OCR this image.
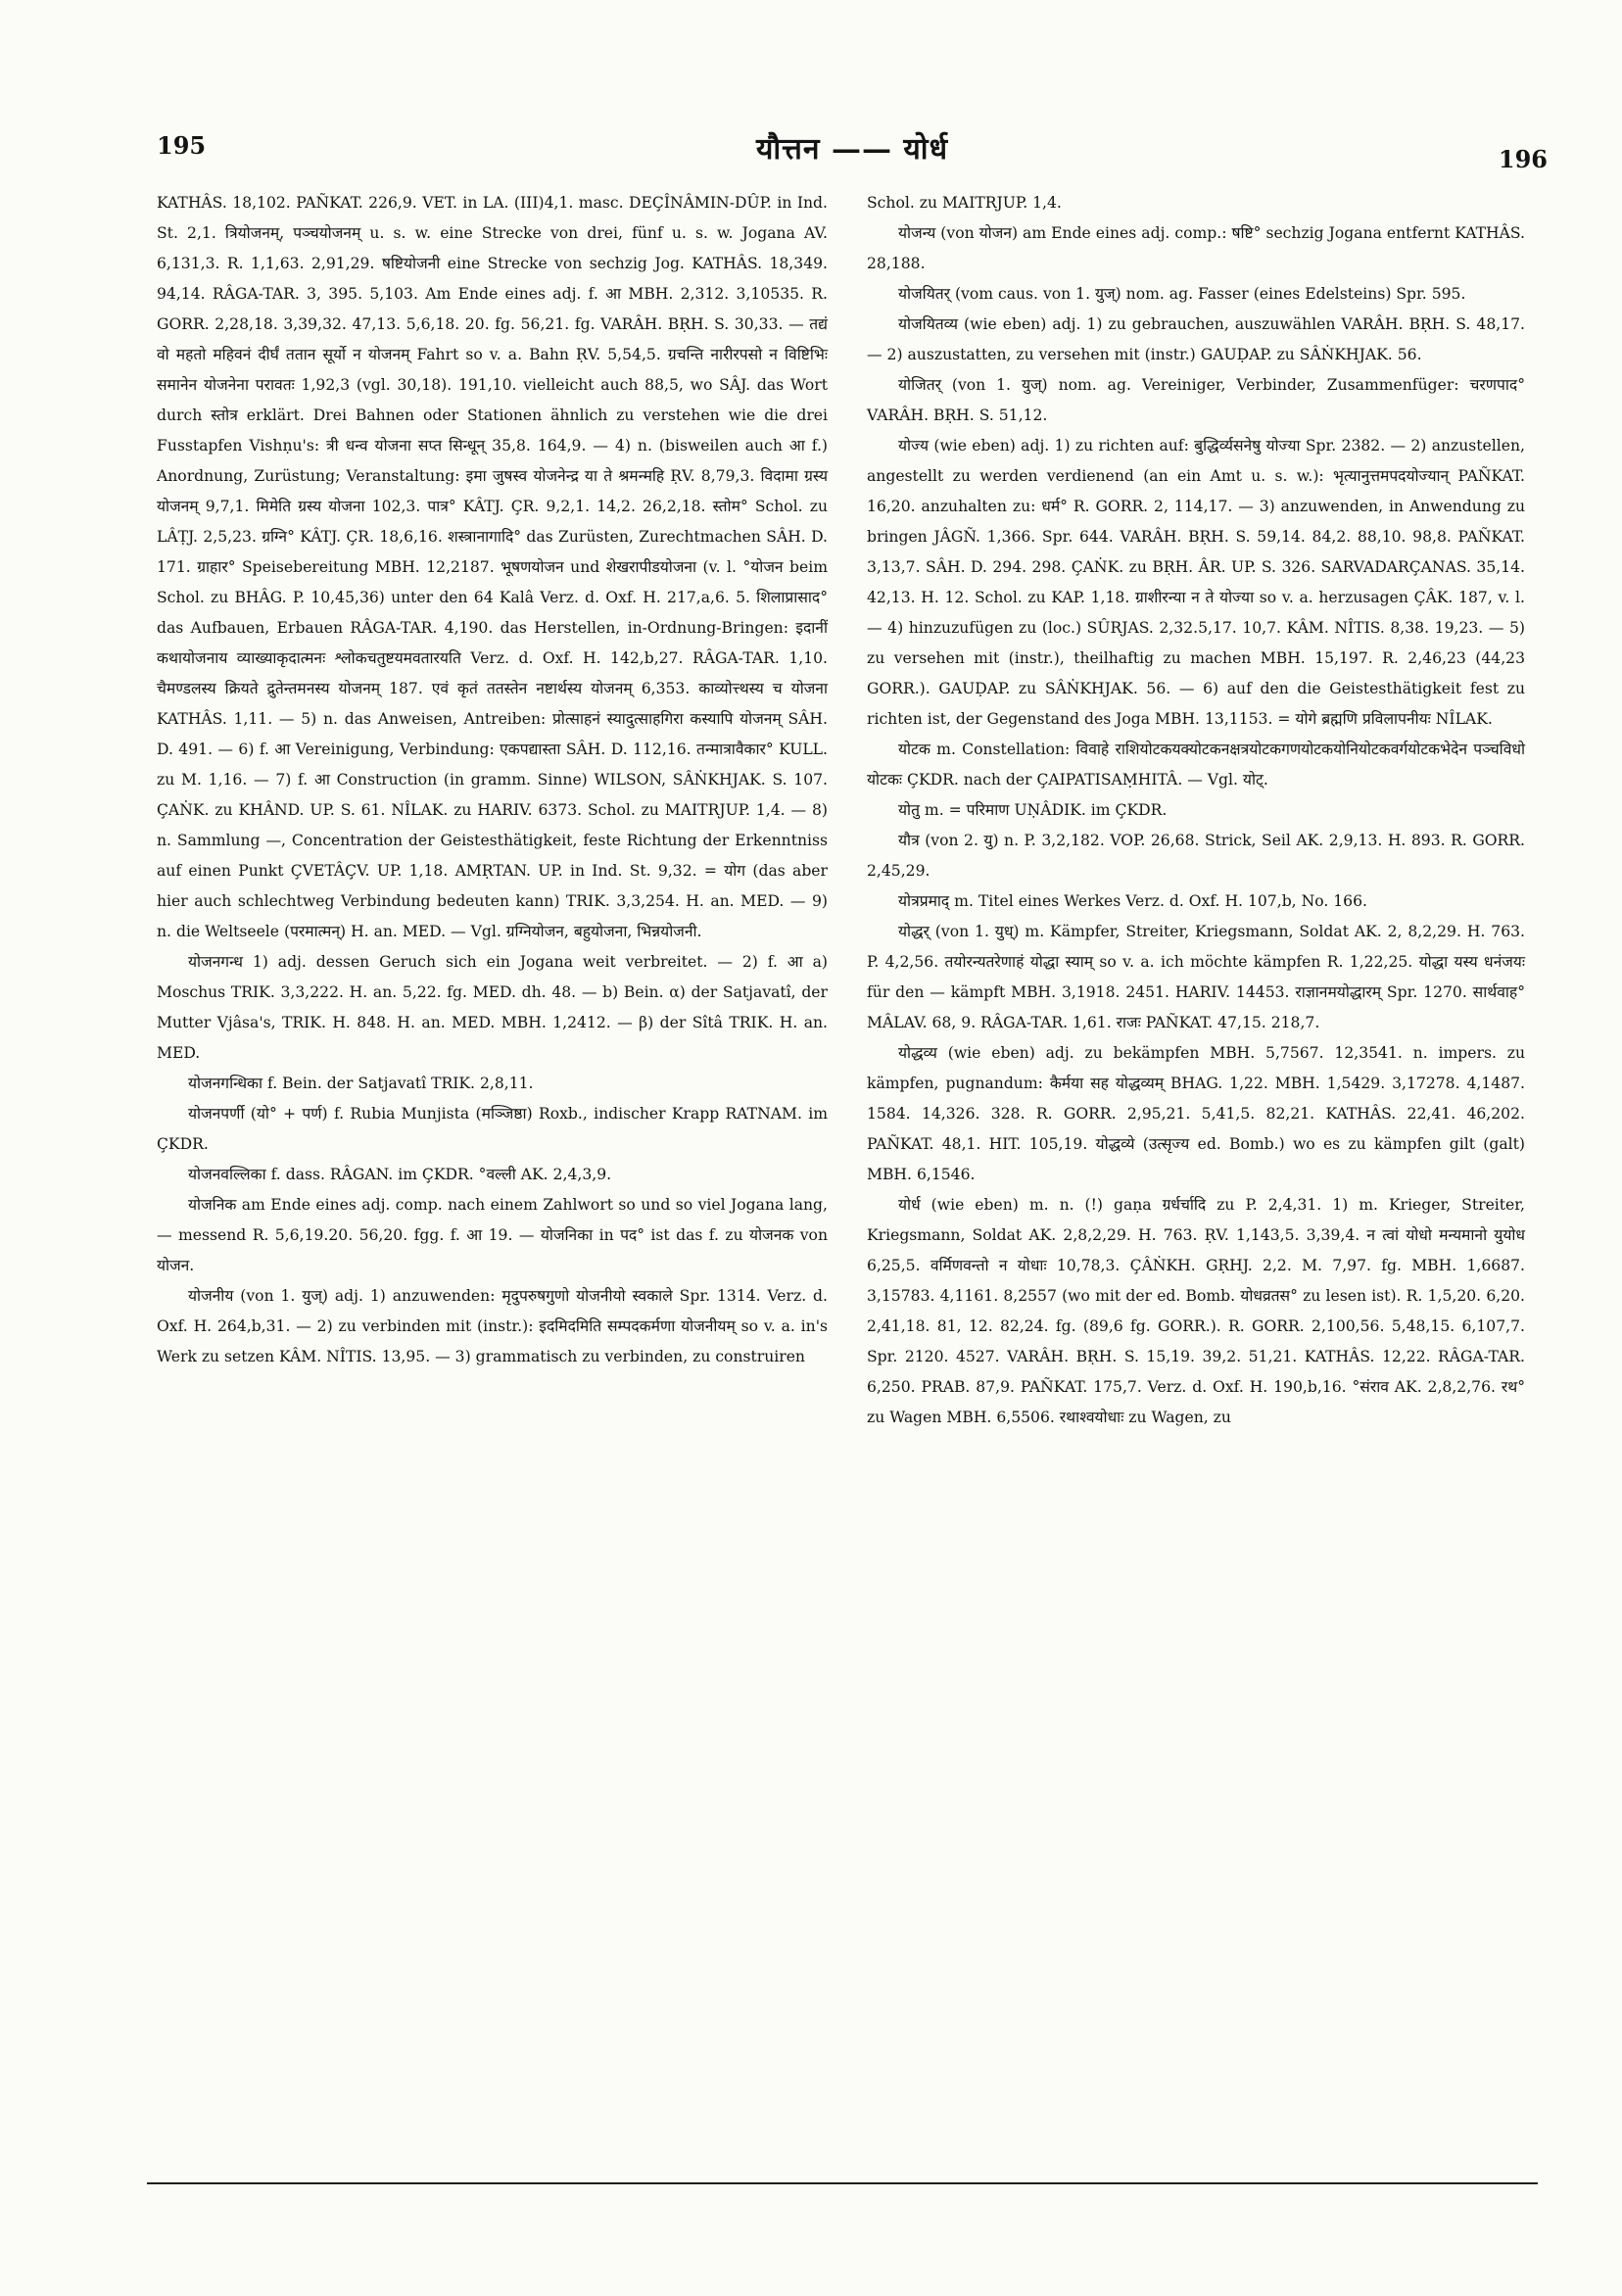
195	यौत्तन —— योर्ध	196

KATHÂS. 18,102. PAÑKAT. 226,9. VET. in LA. (III)4,1. masc. DEÇÎNÂMIN-DÛP. in Ind. St. 2,1. त्रियोजनम्, पञ्चयोजनम् u. s. w. eine Strecke von drei, fünf u. s. w. Jogana AV. 6,131,3. R. 1,1,63. 2,91,29. षष्टियोजनी eine Strecke von sechzig Jog. KATHÂS. 18,349. 94,14. RÂGA-TAR. 3, 395. 5,103. Am Ende eines adj. f. आ MBH. 2,312. 3,10535. R. GORR. 2,28,18. 3,39,32. 47,13. 5,6,18. 20. fg. 56,21. fg. VARÂH. BṚH. S. 30,33. — तद्यं वो महतो महिवनं दीर्घं ततान सूर्यो न योजनम् Fahrt so v. a. Bahn ṚV. 5,54,5. ग्रचन्ति नारीरपसो न विष्टिभिः समानेन योजनेना परावतः 1,92,3 (vgl. 30,18). 191,10. vielleicht auch 88,5, wo SÂJ. das Wort durch स्तोत्र erklärt. Drei Bahnen oder Stationen ähnlich zu verstehen wie die drei Fusstapfen Vishṇu's: त्री धन्व योजना सप्त सिन्धून् 35,8. 164,9. — 4) n. (bisweilen auch आ f.) Anordnung, Zurüstung; Veranstaltung: इमा जुषस्व योजनेन्द्र या ते श्रमन्महि ṚV. 8,79,3. विदामा ग्रस्य योजनम् 9,7,1. मिमेति ग्रस्य योजना 102,3. पात्र° KÂTJ. ÇR. 9,2,1. 14,2. 26,2,18. स्तोम° Schol. zu LÂṬJ. 2,5,23. ग्रग्नि° KÂTJ. ÇR. 18,6,16. शस्त्रानागादि° das Zurüsten, Zurechtmachen SÂH. D. 171. ग्राहार° Speisebereitung MBH. 12,2187. भूषणयोजन und शेखरापीडयोजना (v. l. °योजन beim Schol. zu BHÂG. P. 10,45,36) unter den 64 Kalâ Verz. d. Oxf. H. 217,a,6. 5. शिलाप्रासाद° das Aufbauen, Erbauen RÂGA-TAR. 4,190. das Herstellen, in-Ordnung-Bringen: इदानीं कथायोजनाय व्याख्याकृदात्मनः श्लोकचतुष्टयमवतारयति Verz. d. Oxf. H. 142,b,27. RÂGA-TAR. 1,10. चैमण्डलस्य क्रियते द्रुतेन्तमनस्य योजनम् 187. एवं कृतं ततस्तेन नष्टार्थस्य योजनम् 6,353. काव्योत्त्थस्य च योजना KATHÂS. 1,11. — 5) n. das Anweisen, Antreiben: प्रोत्साहनं स्यादुत्साहगिरा कस्यापि योजनम् SÂH. D. 491. — 6) f. आ Vereinigung, Verbindung: एकपद्यास्ता SÂH. D. 112,16. तन्मात्रावैकार° KULL. zu M. 1,16. — 7) f. आ Construction (in gramm. Sinne) WILSON, SÂṄKHJAK. S. 107. ÇAṄK. zu KHÂND. UP. S. 61. NÎLAK. zu HARIV. 6373. Schol. zu MAITRJUP. 1,4. — 8) n. Sammlung —, Concentration der Geistesthätigkeit, feste Richtung der Erkenntniss auf einen Punkt ÇVETÂÇV. UP. 1,18. AMṚTAN. UP. in Ind. St. 9,32. = योग (das aber hier auch schlechtweg Verbindung bedeuten kann) TRIK. 3,3,254. H. an. MED. — 9) n. die Weltseele (परमात्मन्) H. an. MED. — Vgl. ग्रग्नियोजन, बहुयोजना, भिन्नयोजनी.

योजनगन्ध 1) adj. dessen Geruch sich ein Jogana weit verbreitet. — 2) f. आ a) Moschus TRIK. 3,3,222. H. an. 5,22. fg. MED. dh. 48. — b) Bein. α) der Satjavatî, der Mutter Vjâsa's, TRIK. H. 848. H. an. MED. MBH. 1,2412. — β) der Sîtâ TRIK. H. an. MED.

योजनगन्धिका f. Bein. der Satjavatî TRIK. 2,8,11.

योजनपर्णी (यो° + पर्ण) f. Rubia Munjista (मञ्जिष्ठा) Roxb., indischer Krapp RATNAM. im ÇKDR.

योजनवल्लिका f. dass. RÂGAN. im ÇKDR. °वल्ली AK. 2,4,3,9.

योजनिक am Ende eines adj. comp. nach einem Zahlwort so und so viel Jogana lang, — messend R. 5,6,19.20. 56,20. fgg. f. आ 19. — योजनिका in पद° ist das f. zu योजनक von योजन.

योजनीय (von 1. युज्) adj. 1) anzuwenden: मृदुपरुषगुणो योजनीयो स्वकाले Spr. 1314. Verz. d. Oxf. H. 264,b,31. — 2) zu verbinden mit (instr.): इदमिदमिति सम्पदकर्मणा योजनीयम् so v. a. in's Werk zu setzen KÂM. NÎTIS. 13,95. — 3) grammatisch zu verbinden, zu construiren

Schol. zu MAITRJUP. 1,4.

योजन्य (von योजन) am Ende eines adj. comp.: षष्टि° sechzig Jogana entfernt KATHÂS. 28,188.

योजयितर् (vom caus. von 1. युज्) nom. ag. Fasser (eines Edelsteins) Spr. 595.

योजयितव्य (wie eben) adj. 1) zu gebrauchen, auszuwählen VARÂH. BṚH. S. 48,17. — 2) auszustatten, zu versehen mit (instr.) GAUḌAP. zu SÂṄKHJAK. 56.

योजितर् (von 1. युज्) nom. ag. Vereiniger, Verbinder, Zusammenfüger: चरणपाद° VARÂH. BṚH. S. 51,12.

योज्य (wie eben) adj. 1) zu richten auf: बुद्धिर्व्यसनेषु योज्या Spr. 2382. — 2) anzustellen, angestellt zu werden verdienend (an ein Amt u. s. w.): भृत्यानुत्तमपदयोज्यान् PAÑKAT. 16,20. anzuhalten zu: धर्म° R. GORR. 2, 114,17. — 3) anzuwenden, in Anwendung zu bringen JÂGÑ. 1,366. Spr. 644. VARÂH. BṚH. S. 59,14. 84,2. 88,10. 98,8. PAÑKAT. 3,13,7. SÂH. D. 294. 298. ÇAṄK. zu BṚH. ÂR. UP. S. 326. SARVADARÇANAS. 35,14. 42,13. H. 12. Schol. zu KAP. 1,18. ग्राशीरन्या न ते योज्या so v. a. herzusagen ÇÂK. 187, v. l. — 4) hinzuzufügen zu (loc.) SÛRJAS. 2,32.5,17. 10,7. KÂM. NÎTIS. 8,38. 19,23. — 5) zu versehen mit (instr.), theilhaftig zu machen MBH. 15,197. R. 2,46,23 (44,23 GORR.). GAUḌAP. zu SÂṄKHJAK. 56. — 6) auf den die Geistesthätigkeit fest zu richten ist, der Gegenstand des Joga MBH. 13,1153. = योगे ब्रह्मणि प्रविलापनीयः NÎLAK.

योटक m. Constellation: विवाहे राशियोटकयक्योटकनक्षत्रयोटकगणयोटकयोनियोटकवर्गयोटकभेदेन पञ्चविधो योटकः ÇKDR. nach der ÇAIPATISAṂHITÂ. — Vgl. योट्.

योतु m. = परिमाण UṆÂDIK. im ÇKDR.

यौत्र (von 2. यु) n. P. 3,2,182. VOP. 26,68. Strick, Seil AK. 2,9,13. H. 893. R. GORR. 2,45,29.

योत्रप्रमाद् m. Titel eines Werkes Verz. d. Oxf. H. 107,b, No. 166.

योद्धर् (von 1. युध्) m. Kämpfer, Streiter, Kriegsmann, Soldat AK. 2, 8,2,29. H. 763. P. 4,2,56. तयोरन्यतरेणाहं योद्धा स्याम् so v. a. ich möchte kämpfen R. 1,22,25. योद्धा यस्य धनंजयः für den — kämpft MBH. 3,1918. 2451. HARIV. 14453. राज्ञानमयोद्धारम् Spr. 1270. सार्थवाह° MÂLAV. 68, 9. RÂGA-TAR. 1,61. राजः PAÑKAT. 47,15. 218,7.

योद्धव्य (wie eben) adj. zu bekämpfen MBH. 5,7567. 12,3541. n. impers. zu kämpfen, pugnandum: कैर्मया सह योद्धव्यम् BHAG. 1,22. MBH. 1,5429. 3,17278. 4,1487. 1584. 14,326. 328. R. GORR. 2,95,21. 5,41,5. 82,21. KATHÂS. 22,41. 46,202. PAÑKAT. 48,1. HIT. 105,19. योद्धव्ये (उत्सृज्य ed. Bomb.) wo es zu kämpfen gilt (galt) MBH. 6,1546.

योर्ध (wie eben) m. n. (!) gaṇa ग्रर्धर्चादि zu P. 2,4,31. 1) m. Krieger, Streiter, Kriegsmann, Soldat AK. 2,8,2,29. H. 763. ṚV. 1,143,5. 3,39,4. न त्वां योधो मन्यमानो युयोध 6,25,5. वर्मिणवन्तो न योधाः 10,78,3. ÇÂṄKH. GṚHJ. 2,2. M. 7,97. fg. MBH. 1,6687. 3,15783. 4,1161. 8,2557 (wo mit der ed. Bomb. योधव्रतस° zu lesen ist). R. 1,5,20. 6,20. 2,41,18. 81, 12. 82,24. fg. (89,6 fg. GORR.). R. GORR. 2,100,56. 5,48,15. 6,107,7. Spr. 2120. 4527. VARÂH. BṚH. S. 15,19. 39,2. 51,21. KATHÂS. 12,22. RÂGA-TAR. 6,250. PRAB. 87,9. PAÑKAT. 175,7. Verz. d. Oxf. H. 190,b,16. °संराव AK. 2,8,2,76. रथ° zu Wagen MBH. 6,5506. रथाश्वयोधाः zu Wagen, zu
